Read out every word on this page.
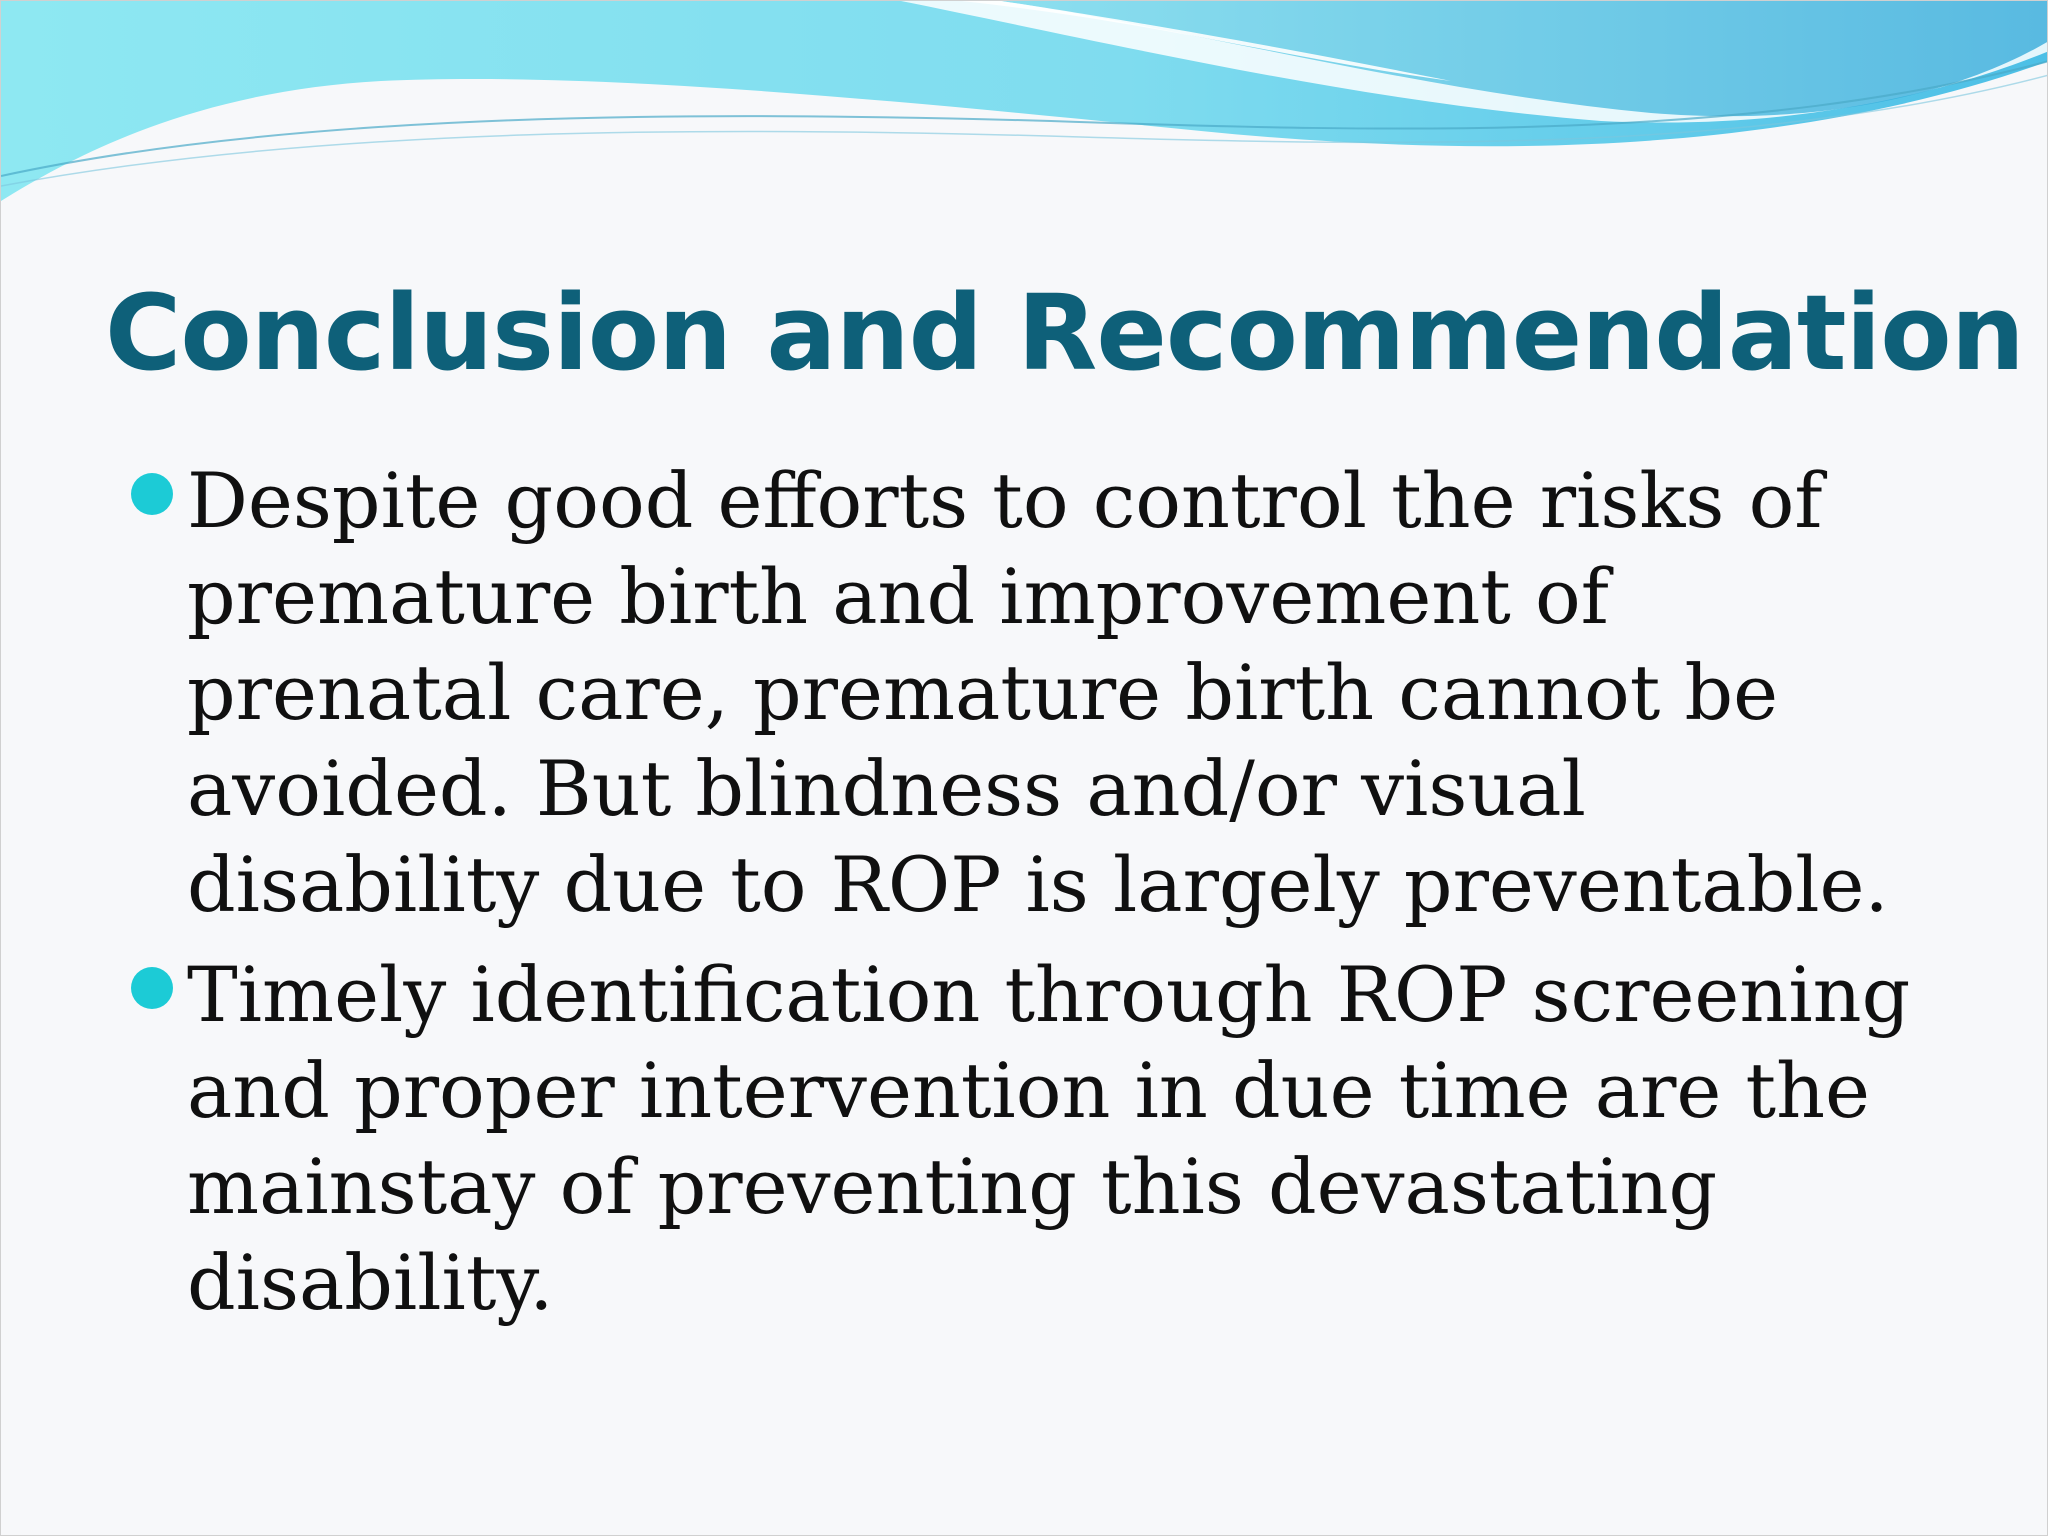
Conclusion and Recommendation
Despite good efforts to control the risks of premature birth and improvement of prenatal care, premature birth cannot be avoided. But blindness and/or visual disability due to ROP is largely preventable.
Timely identification through ROP screening and proper intervention in due time are the mainstay of preventing this devastating disability.
